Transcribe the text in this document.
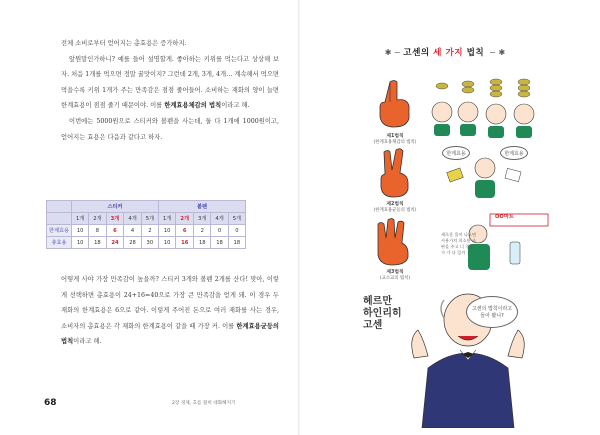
전체 소비로부터 얻어지는 총효용은 증가하지.

앞뭔말인가하니? 예를 들어 설명할게. 좋아하는 키위를 먹는다고 상상해 보자. 처음 1개를 먹으면 정말 꿀맛이지? 그런데 2개, 3개, 4개… 계속해서 먹으면 먹을수록 키위 1개가 주는 만족감은 점점 줄어들어. 소비하는 재화의 양이 늘면 한계효용이 점점 줄기 때문이야. 이를 한계효용체감의 법칙이라고 해.

이번에는 5000원으로 스티커와 볼펜을 사는데, 둘 다 1개에 1000원이고, 얻어지는 효용은 다음과 같다고 하자.

	스티커					볼펜				
	1개	2개	3개	4개	5개	1개	2개	3개	4개	5개
한계효용	10	8	6	4	2	10	6	2	0	0
총효용	10	18	24	28	30	10	16	18	18	18

어떻게 사야 가장 만족감이 높을까? 스티커 3개와 볼펜 2개를 산다! 맞아, 이렇게 선택하면 총효용이 24+16=40으로 가장 큰 만족감을 얻게 돼. 이 경우 두 재화의 한계효용은 6으로 같아. 이렇게 주어진 돈으로 여러 재화를 사는 경우, 소비자의 총효용은 각 재화의 한계효용이 같을 때 가장 커. 이를 한계효용균등의 법칙이라고 해.

68	2장 경제, 흐름 훤히 대화해지기
✱ ~ 고센의 세 가지 법칙 ~ ✱
제1법칙
(한계효용체감의 법칙)
제2법칙
(한계효용균등의 법칙)
한계효용	한계효용
제3법칙
(교소교의 법칙)
OO마트
새로운 물이 나오면 사용가치 희소한 초판을 주고 너 경우 가 가 다 일까
헤르만
하인리히
고센
고센의 법칙이라고 들어 봤니?
